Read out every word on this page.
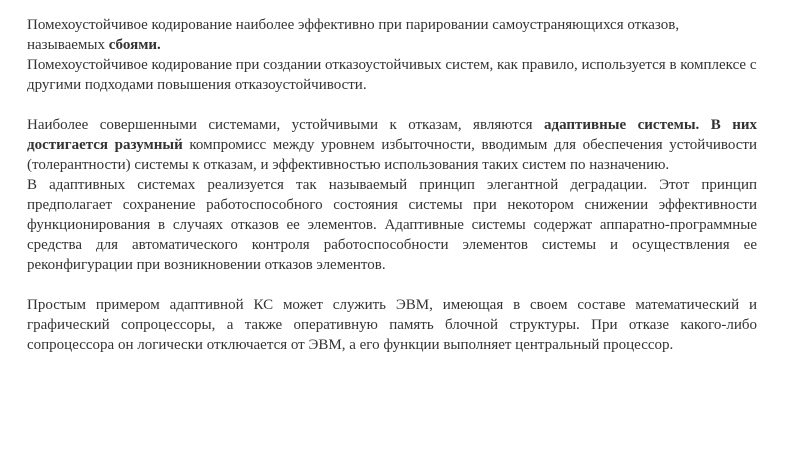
Помехоустойчивое кодирование наиболее эффективно при парировании самоустраняющихся отказов, называемых сбоями.

Помехоустойчивое кодирование при создании отказоустойчивых систем, как правило, используется в комплексе с другими подходами повышения отказоустойчивости.

Наиболее совершенными системами, устойчивыми к отказам, являются адаптивные системы. В них достигается разумный компромисс между уровнем избыточности, вводимым для обеспечения устойчивости (толерантности) системы к отказам, и эффективностью использования таких систем по назначению.

В адаптивных системах реализуется так называемый принцип элегантной деградации. Этот принцип предполагает сохранение работоспособного состояния системы при некотором снижении эффективности функционирования в случаях отказов ее элементов. Адаптивные системы содержат аппаратно-программные средства для автоматического контроля работоспособности элементов системы и осуществления ее реконфигурации при возникновении отказов элементов.

Простым примером адаптивной КС может служить ЭВМ, имеющая в своем составе математический и графический сопроцессоры, а также оперативную память блочной структуры. При отказе какого-либо сопроцессора он логически отключается от ЭВМ, а его функции выполняет центральный процессор.
